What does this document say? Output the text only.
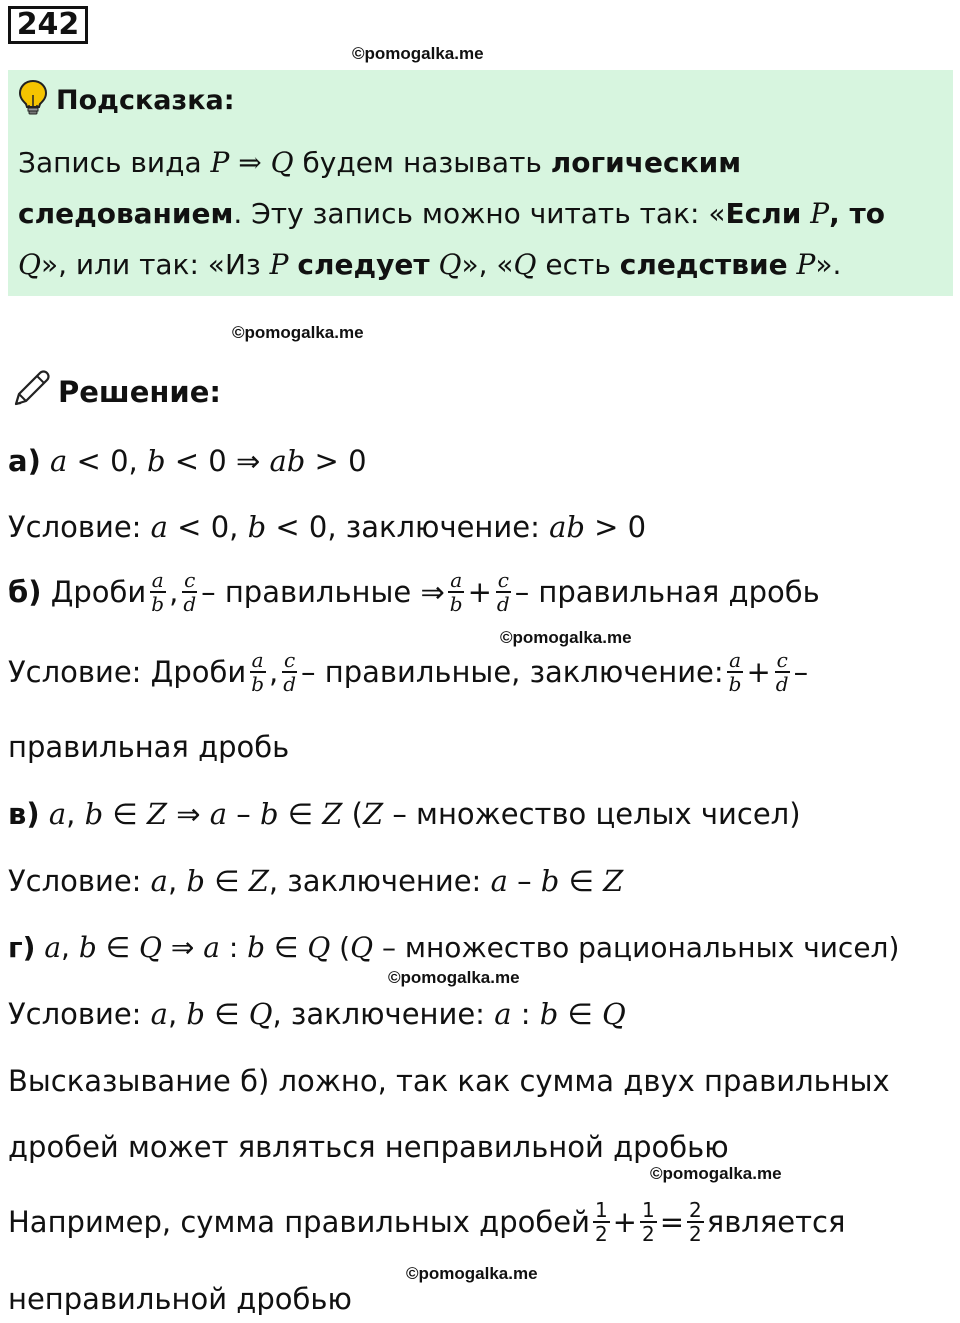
242
©pomogalka.me
Подсказка:
Запись вида P ⇒ Q будем называть логическим
следованием. Эту запись можно читать так: «Если P, то
Q», или так: «Из P следует Q», «Q есть следствие P».
©pomogalka.me
Решение:
а)
a < 0, b < 0 ⇒ ab > 0
Условие: a < 0, b < 0, заключение: ab > 0
б) Дроби $\frac{a}{b}$ , $\frac{c}{d}$ – правильные ⇒ $\frac{a}{b} + \frac{c}{d}$ – правильная дробь
©pomogalka.me
Условие: Дроби $\frac{a}{b}$ , $\frac{c}{d}$ – правильные, заключение: $\frac{a}{b} + \frac{c}{d}$ –
правильная дробь
в)
a , b ∈ Z ⇒ a – b ∈ Z ( Z – множество целых чисел)
Условие: a , b ∈ Z , заключение: a – b ∈ Z
г)
a , b ∈ Q ⇒ a : b ∈ Q ( Q – множество рациональных чисел)
©pomogalka.me
Условие: a , b ∈ Q , заключение: a : b ∈ Q
Высказывание б) ложно, так как сумма двух правильных
дробей может являться неправильной дробью
©pomogalka.me
Например, сумма правильных дробей $\frac{1}{2} + \frac{1}{2} = \frac{2}{2}$ является
©pomogalka.me
неправильной дробью
